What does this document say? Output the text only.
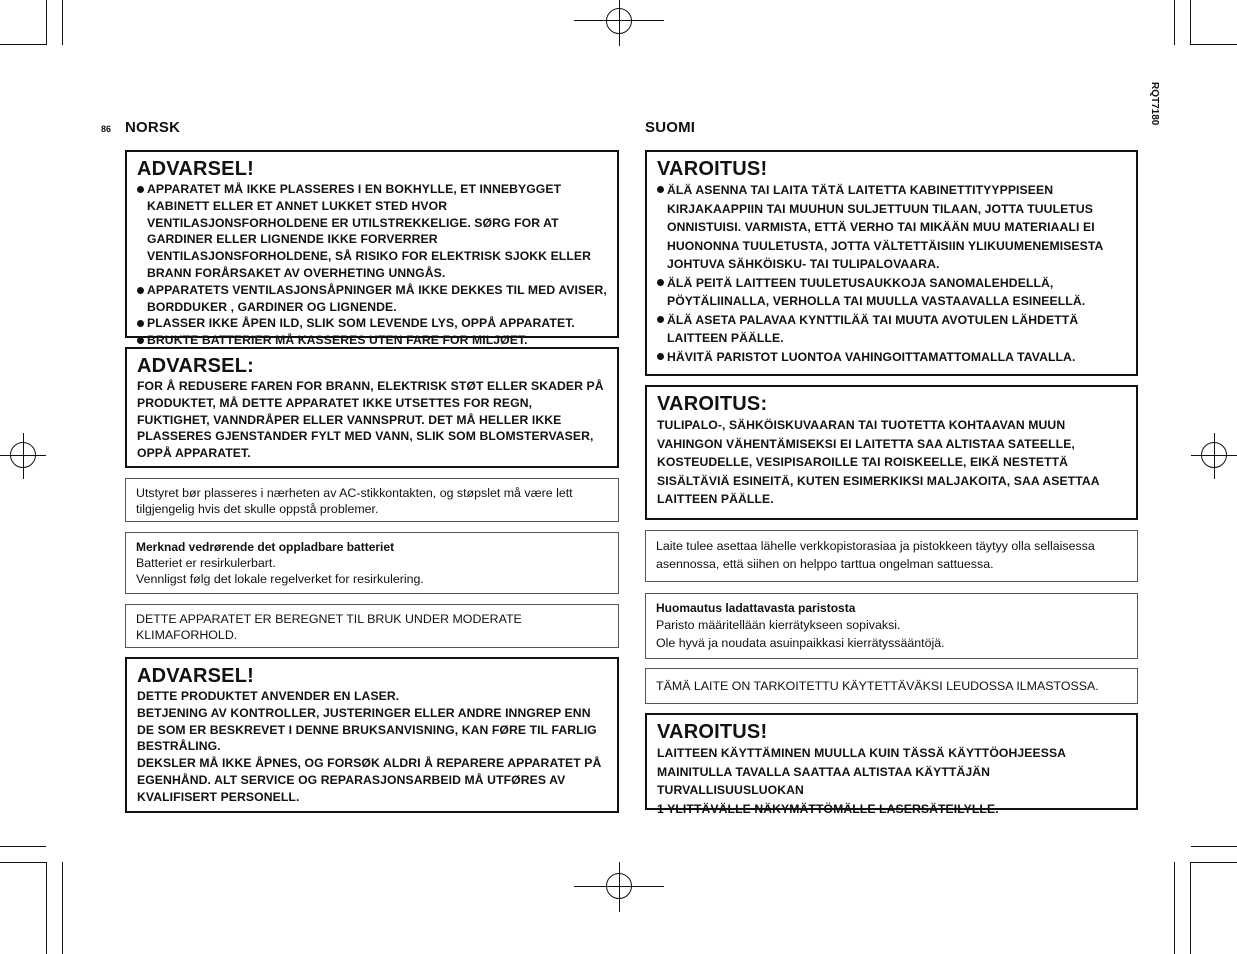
86 NORSK	SUOMI
RQT7180
ADVARSEL!
APPARATET MÅ IKKE PLASSERES I EN BOKHYLLE, ET INNEBYGGET KABINETT ELLER ET ANNET LUKKET STED HVOR VENTILASJONSFORHOLDENE ER UTILSTREKKELIGE. SØRG FOR AT GARDINER ELLER LIGNENDE IKKE FORVERRER VENTILASJONSFORHOLDENE, SÅ RISIKO FOR ELEKTRISK SJOKK ELLER BRANN FORÅRSAKET AV OVERHETING UNNGÅS.
APPARATETS VENTILASJONSÅPNINGER MÅ IKKE DEKKES TIL MED AVISER, BORDDUKER , GARDINER OG LIGNENDE.
PLASSER IKKE ÅPEN ILD, SLIK SOM LEVENDE LYS, OPPÅ APPARATET.
BRUKTE BATTERIER MÅ KASSERES UTEN FARE FOR MILJØET.
ADVARSEL:
FOR Å REDUSERE FAREN FOR BRANN, ELEKTRISK STØT ELLER SKADER PÅ PRODUKTET, MÅ DETTE APPARATET IKKE UTSETTES FOR REGN, FUKTIGHET, VANNDRÅPER ELLER VANNSPRUT. DET MÅ HELLER IKKE PLASSERES GJENSTANDER FYLT MED VANN, SLIK SOM BLOMSTERVASER, OPPÅ APPARATET.
Utstyret bør plasseres i nærheten av AC-stikkontakten, og støpslet må være lett tilgjengelig hvis det skulle oppstå problemer.
Merknad vedrørende det oppladbare batteriet
Batteriet er resirkulerbart.
Vennligst følg det lokale regelverket for resirkulering.
DETTE APPARATET ER BEREGNET TIL BRUK UNDER MODERATE KLIMAFORHOLD.
ADVARSEL!
DETTE PRODUKTET ANVENDER EN LASER.
BETJENING AV KONTROLLER, JUSTERINGER ELLER ANDRE INNGREP ENN DE SOM ER BESKREVET I DENNE BRUKSANVISNING, KAN FØRE TIL FARLIG BESTRÅLING.
DEKSLER MÅ IKKE ÅPNES, OG FORSØK ALDRI Å REPARERE APPARATET PÅ EGENHÅND. ALT SERVICE OG REPARASJONSARBEID MÅ UTFØRES AV KVALIFISERT PERSONELL.
VAROITUS!
ÄLÄ ASENNA TAI LAITA TÄTÄ LAITETTA KABINETTITYYPPISEEN KIRJAKAAPPIIN TAI MUUHUN SULJETTUUN TILAAN, JOTTA TUULETUS ONNISTUISI. VARMISTA, ETTÄ VERHO TAI MIKÄÄN MUU MATERIAALI EI HUONONNA TUULETUSTA, JOTTA VÄLTETTÄISIIN YLIKUUMENEMISESTA JOHTUVA SÄHKÖISKU- TAI TULIPALOVAARA.
ÄLÄ PEITÄ LAITTEEN TUULETUSAUKKOJA SANOMALEHDELLÄ, PÖYTÄLIINALLA, VERHOLLA TAI MUULLA VASTAAVALLA ESINEELLÄ.
ÄLÄ ASETA PALAVAA KYNTTILÄÄ TAI MUUTA AVOTULEN LÄHDETTÄ LAITTEEN PÄÄLLE.
HÄVITÄ PARISTOT LUONTOA VAHINGOITTAMATTOMALLA TAVALLA.
VAROITUS:
TULIPALO-, SÄHKÖISKUVAARAN TAI TUOTETTA KOHTAAVAN MUUN VAHINGON VÄHENTÄMISEKSI EI LAITETTA SAA ALTISTAA SATEELLE, KOSTEUDELLE, VESIPISAROILLE TAI ROISKEELLE, EIKÄ NESTETTÄ SISÄLTÄVIÄ ESINEITÄ, KUTEN ESIMERKIKSI MALJAKOITA, SAA ASETTAA LAITTEEN PÄÄLLE.
Laite tulee asettaa lähelle verkkopistorasiaa ja pistokkeen täytyy olla sellaisessa asennossa, että siihen on helppo tarttua ongelman sattuessa.
Huomautus ladattavasta paristosta
Paristo määritellään kierrätykseen sopivaksi.
Ole hyvä ja noudata asuinpaikkasi kierrätyssääntöjä.
TÄMÄ LAITE ON TARKOITETTU KÄYTETTÄVÄKSI LEUDOSSA ILMASTOSSA.
VAROITUS!
LAITTEEN KÄYTTÄMINEN MUULLA KUIN TÄSSÄ KÄYTTÖOHJEESSA MAINITULLA TAVALLA SAATTAA ALTISTAA KÄYTTÄJÄN TURVALLISUUSLUOKAN
1 YLITTÄVÄLLE NÄKYMÄTTÖMÄLLE LASERSÄTEILYLLE.
